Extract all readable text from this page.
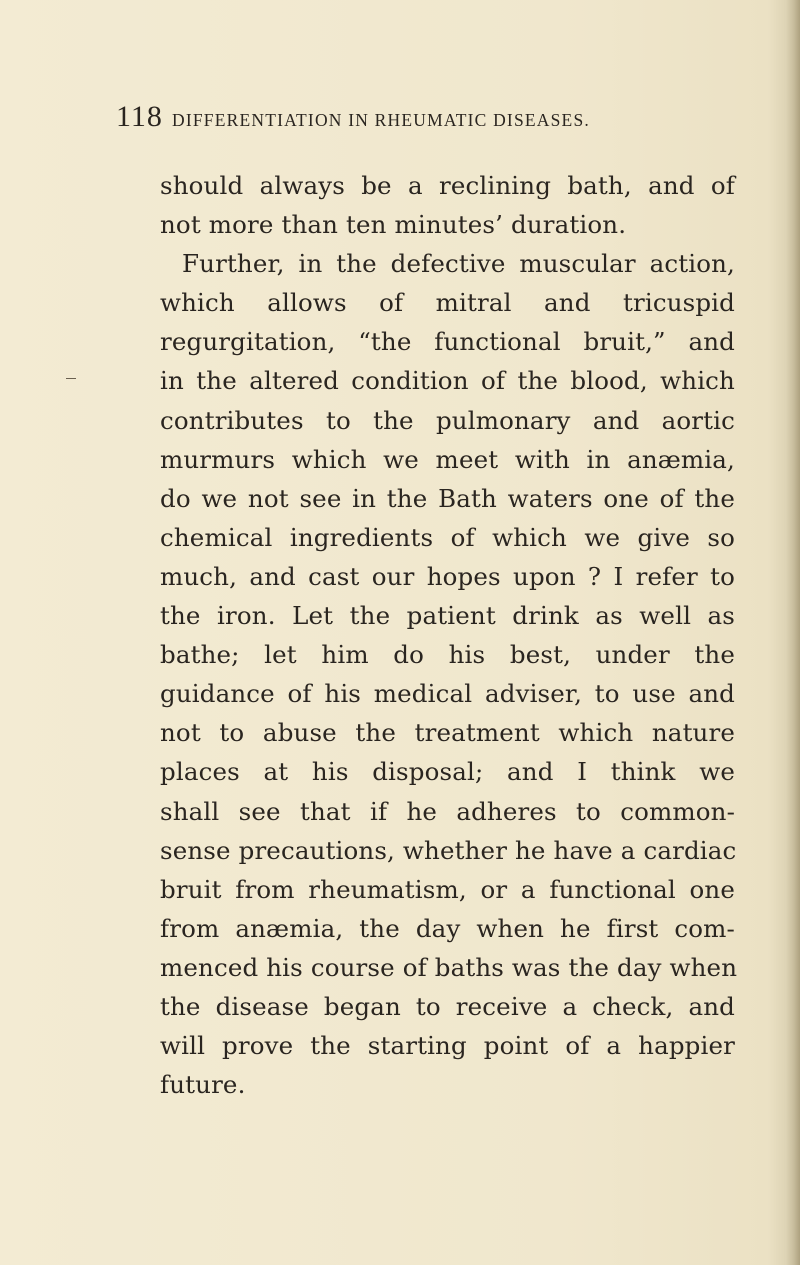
118 DIFFERENTIATION IN RHEUMATIC DISEASES.
should always be a reclining bath, and of
not more than ten minutes’ duration.
Further, in the defective muscular action,
which allows of mitral and tricuspid
regurgitation, “the functional bruit,” and
in the altered condition of the blood, which
contributes to the pulmonary and aortic
murmurs which we meet with in anæmia,
do we not see in the Bath waters one of the
chemical ingredients of which we give so
much, and cast our hopes upon ? I refer to
the iron. Let the patient drink as well as
bathe; let him do his best, under the
guidance of his medical adviser, to use and
not to abuse the treatment which nature
places at his disposal; and I think we
shall see that if he adheres to common-
sense precautions, whether he have a cardiac
bruit from rheumatism, or a functional one
from anæmia, the day when he first com-
menced his course of baths was the day when
the disease began to receive a check, and
will prove the starting point of a happier
future.
